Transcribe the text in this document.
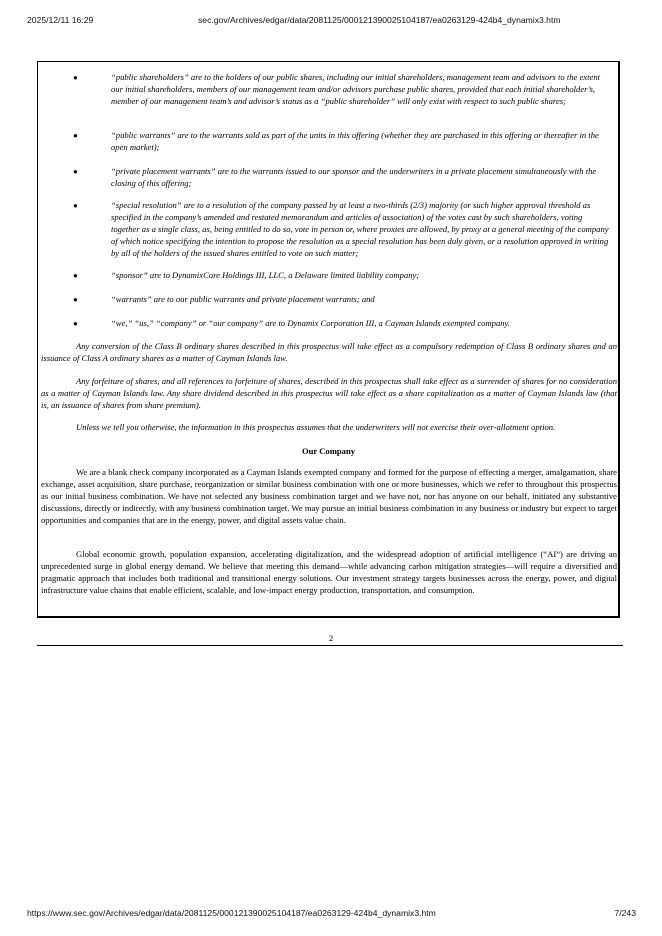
2025/12/11 16:29	sec.gov/Archives/edgar/data/2081125/000121390025104187/ea0263129-424b4_dynamix3.htm
●	“public shareholders” are to the holders of our public shares, including our initial shareholders, management team and advisors to the extent our initial shareholders, members of our management team and/or advisors purchase public shares, provided that each initial shareholder’s, member of our management team’s and advisor’s status as a “public shareholder” will only exist with respect to such public shares;
●	“public warrants” are to the warrants sold as part of the units in this offering (whether they are purchased in this offering or thereafter in the open market);
●	“private placement warrants” are to the warrants issued to our sponsor and the underwriters in a private placement simultaneously with the closing of this offering;
●	“special resolution” are to a resolution of the company passed by at least a two-thirds (2/3) majority (or such higher approval threshold as specified in the company’s amended and restated memorandum and articles of association) of the votes cast by such shareholders, voting together as a single class, as, being entitled to do so, vote in person or, where proxies are allowed, by proxy at a general meeting of the company of which notice specifying the intention to propose the resolution as a special resolution has been duly given, or a resolution approved in writing by all of the holders of the issued shares entitled to vote on such matter;
●	“sponsor” are to DynamixCore Holdings III, LLC, a Delaware limited liability company;
●	“warrants” are to our public warrants and private placement warrants; and
●	“we,” “us,” “company” or “our company” are to Dynamix Corporation III, a Cayman Islands exempted company.
Any conversion of the Class B ordinary shares described in this prospectus will take effect as a compulsory redemption of Class B ordinary shares and an issuance of Class A ordinary shares as a matter of Cayman Islands law.
Any forfeiture of shares, and all references to forfeiture of shares, described in this prospectus shall take effect as a surrender of shares for no consideration as a matter of Cayman Islands law. Any share dividend described in this prospectus will take effect as a share capitalization as a matter of Cayman Islands law (that is, an issuance of shares from share premium).
Unless we tell you otherwise, the information in this prospectus assumes that the underwriters will not exercise their over-allotment option.
Our Company
We are a blank check company incorporated as a Cayman Islands exempted company and formed for the purpose of effecting a merger, amalgamation, share exchange, asset acquisition, share purchase, reorganization or similar business combination with one or more businesses, which we refer to throughout this prospectus as our initial business combination. We have not selected any business combination target and we have not, nor has anyone on our behalf, initiated any substantive discussions, directly or indirectly, with any business combination target. We may pursue an initial business combination in any business or industry but expect to target opportunities and companies that are in the energy, power, and digital assets value chain.
Global economic growth, population expansion, accelerating digitalization, and the widespread adoption of artificial intelligence (“AI”) are driving an unprecedented surge in global energy demand. We believe that meeting this demand—while advancing carbon mitigation strategies—will require a diversified and pragmatic approach that includes both traditional and transitional energy solutions. Our investment strategy targets businesses across the energy, power, and digital infrastructure value chains that enable efficient, scalable, and low-impact energy production, transportation, and consumption.
2
https://www.sec.gov/Archives/edgar/data/2081125/000121390025104187/ea0263129-424b4_dynamix3.htm	7/243
